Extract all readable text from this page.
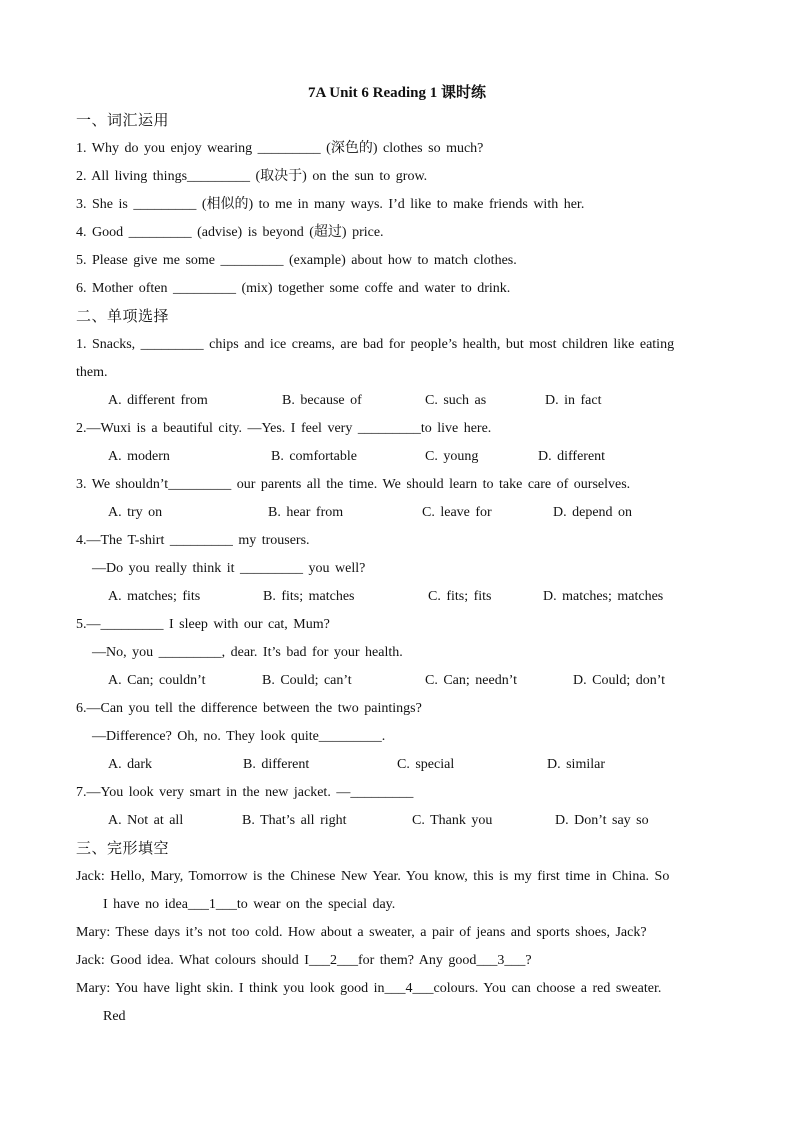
7A Unit 6 Reading 1 课时练
一、词汇运用
1. Why do you enjoy wearing _________ (深色的) clothes so much?
2. All living things_________ (取决于) on the sun to grow.
3. She is _________ (相似的) to me in many ways. I’d like to make friends with her.
4. Good _________ (advise) is beyond (超过) price.
5. Please give me some _________ (example) about how to match clothes.
6. Mother often _________ (mix) together some coffe and water to drink.
二、单项选择
1. Snacks, _________ chips and ice creams, are bad for people’s health, but most children like eating
them.
A. different from	B. because of	C. such as	D. in fact
2.—Wuxi is a beautiful city. —Yes. I feel very _________to live here.
A. modern	B. comfortable	C. young	D. different
3. We shouldn’t_________ our parents all the time. We should learn to take care of ourselves.
A. try on	B. hear from	C. leave for	D. depend on
4.—The T-shirt _________ my trousers.
—Do you really think it _________ you well?
A. matches; fits	B. fits; matches	C. fits; fits	D. matches; matches
5.—_________ I sleep with our cat, Mum?
—No, you _________, dear. It’s bad for your health.
A. Can; couldn’t	B. Could; can’t	C. Can; needn’t	D. Could; don’t
6.—Can you tell the difference between the two paintings?
—Difference? Oh, no. They look quite_________.
A. dark	B. different	C. special	D. similar
7.—You look very smart in the new jacket. —_________
A. Not at all	B. That’s all right	C. Thank you	D. Don’t say so
三、完形填空
Jack: Hello, Mary, Tomorrow is the Chinese New Year. You know, this is my first time in China. So
I have no idea___1___to wear on the special day.
Mary: These days it’s not too cold. How about a sweater, a pair of jeans and sports shoes, Jack?
Jack: Good idea. What colours should I___2___for them? Any good___3___?
Mary: You have light skin. I think you look good in___4___colours. You can choose a red sweater.
Red
